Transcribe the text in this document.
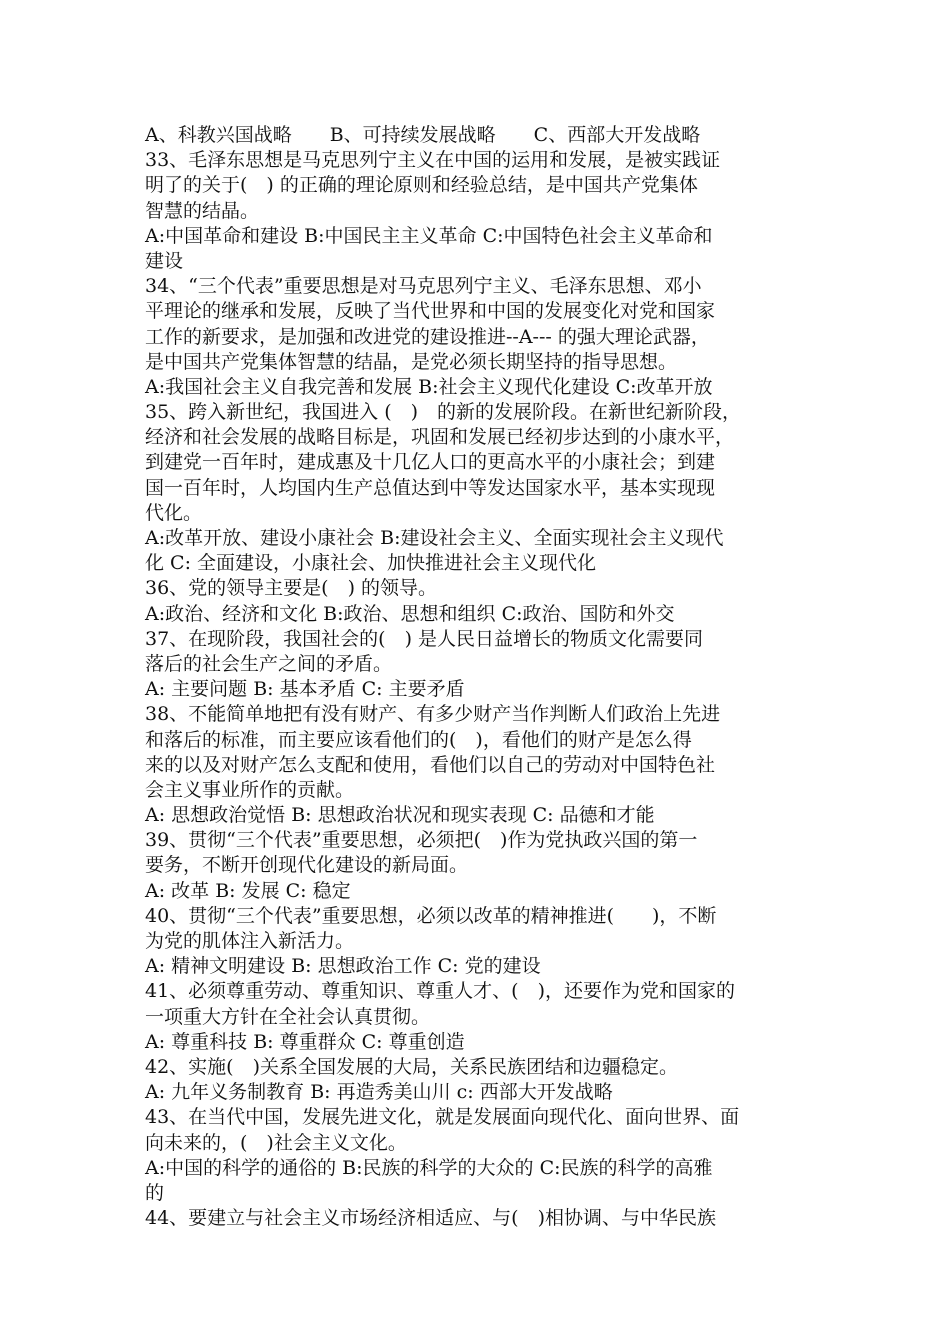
A、科教兴国战略　　B、可持续发展战略　　C、西部大开发战略
33、毛泽东思想是马克思列宁主义在中国的运用和发展，是被实践证
明了的关于(　) 的正确的理论原则和经验总结，是中国共产党集体
智慧的结晶。
A:中国革命和建设 B:中国民主主义革命 C:中国特色社会主义革命和
建设
34、“三个代表”重要思想是对马克思列宁主义、毛泽东思想、邓小
平理论的继承和发展，反映了当代世界和中国的发展变化对党和国家
工作的新要求，是加强和改进党的建设推进--A--- 的强大理论武器，
是中国共产党集体智慧的结晶，是党必须长期坚持的指导思想。
A:我国社会主义自我完善和发展 B:社会主义现代化建设 C:改革开放
35、跨入新世纪，我国进入 (　)　的新的发展阶段。在新世纪新阶段，
经济和社会发展的战略目标是，巩固和发展已经初步达到的小康水平，
到建党一百年时，建成惠及十几亿人口的更高水平的小康社会；到建
国一百年时，人均国内生产总值达到中等发达国家水平，基本实现现
代化。
A:改革开放、建设小康社会 B:建设社会主义、全面实现社会主义现代
化 C: 全面建设，小康社会、加快推进社会主义现代化
36、党的领导主要是(　) 的领导。
A:政治、经济和文化 B:政治、思想和组织 C:政治、国防和外交
37、在现阶段，我国社会的(　) 是人民日益增长的物质文化需要同
落后的社会生产之间的矛盾。
A: 主要问题 B: 基本矛盾 C: 主要矛盾
38、不能简单地把有没有财产、有多少财产当作判断人们政治上先进
和落后的标准，而主要应该看他们的(　)，看他们的财产是怎么得
来的以及对财产怎么支配和使用，看他们以自己的劳动对中国特色社
会主义事业所作的贡献。
A: 思想政治觉悟 B: 思想政治状况和现实表现 C: 品德和才能
39、贯彻“三个代表”重要思想，必须把(　)作为党执政兴国的第一
要务，不断开创现代化建设的新局面。
A: 改革 B: 发展 C: 稳定
40、贯彻“三个代表”重要思想，必须以改革的精神推进(　　)，不断
为党的肌体注入新活力。
A: 精神文明建设 B: 思想政治工作 C: 党的建设
41、必须尊重劳动、尊重知识、尊重人才、(　)，还要作为党和国家的
一项重大方针在全社会认真贯彻。
A: 尊重科技 B: 尊重群众 C: 尊重创造
42、实施(　)关系全国发展的大局，关系民族团结和边疆稳定。
A: 九年义务制教育 B: 再造秀美山川 c: 西部大开发战略
43、在当代中国，发展先进文化，就是发展面向现代化、面向世界、面
向未来的，(　)社会主义文化。
A:中国的科学的通俗的 B:民族的科学的大众的 C:民族的科学的高雅
的
44、要建立与社会主义市场经济相适应、与(　)相协调、与中华民族
